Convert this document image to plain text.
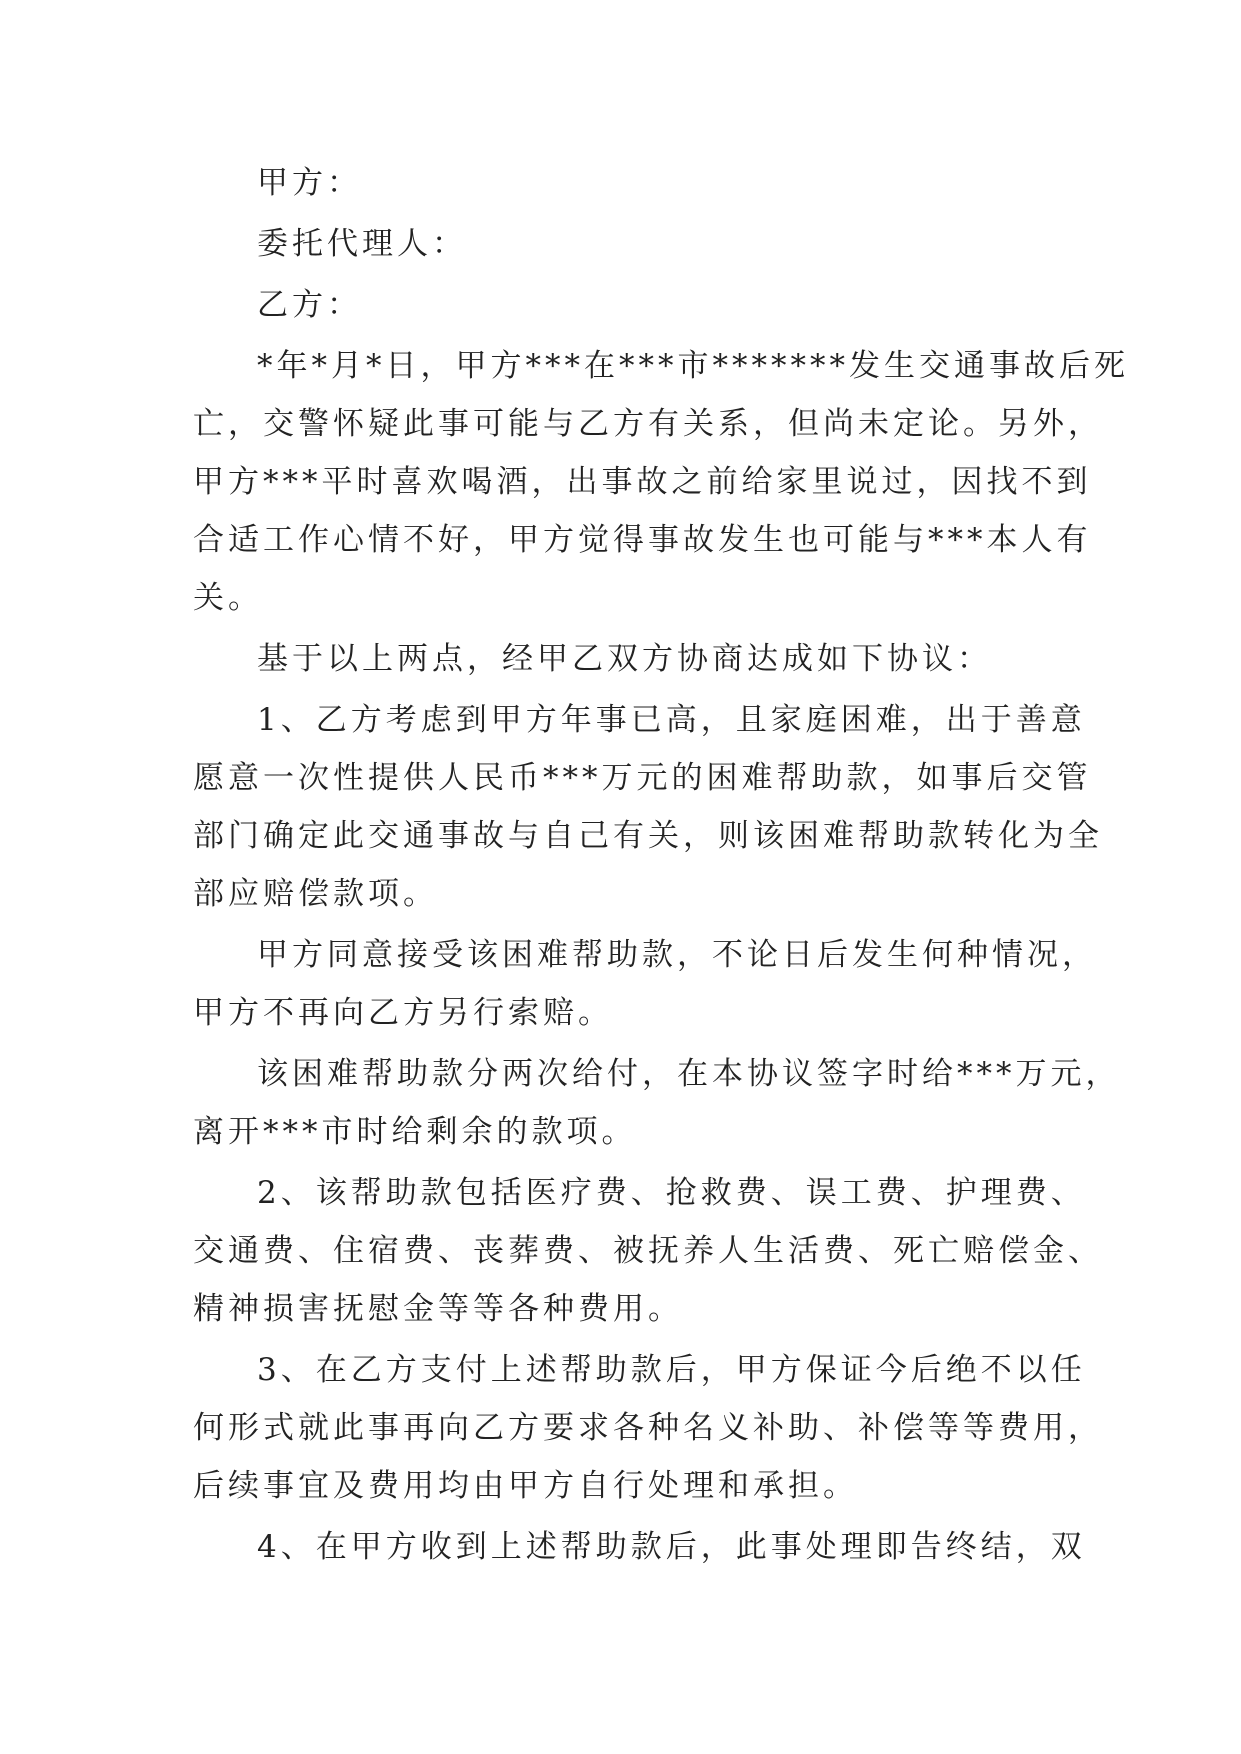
甲方：
委托代理人：
乙方：
*年*月*日，甲方***在***市*******发生交通事故后死
亡，交警怀疑此事可能与乙方有关系，但尚未定论。另外，
甲方***平时喜欢喝酒，出事故之前给家里说过，因找不到
合适工作心情不好，甲方觉得事故发生也可能与***本人有
关。
基于以上两点，经甲乙双方协商达成如下协议：
1、乙方考虑到甲方年事已高，且家庭困难，出于善意
愿意一次性提供人民币***万元的困难帮助款，如事后交管
部门确定此交通事故与自己有关，则该困难帮助款转化为全
部应赔偿款项。
甲方同意接受该困难帮助款，不论日后发生何种情况，
甲方不再向乙方另行索赔。
该困难帮助款分两次给付，在本协议签字时给***万元，
离开***市时给剩余的款项。
2、该帮助款包括医疗费、抢救费、误工费、护理费、
交通费、住宿费、丧葬费、被抚养人生活费、死亡赔偿金、
精神损害抚慰金等等各种费用。
3、在乙方支付上述帮助款后，甲方保证今后绝不以任
何形式就此事再向乙方要求各种名义补助、补偿等等费用，
后续事宜及费用均由甲方自行处理和承担。
4、在甲方收到上述帮助款后，此事处理即告终结，双
